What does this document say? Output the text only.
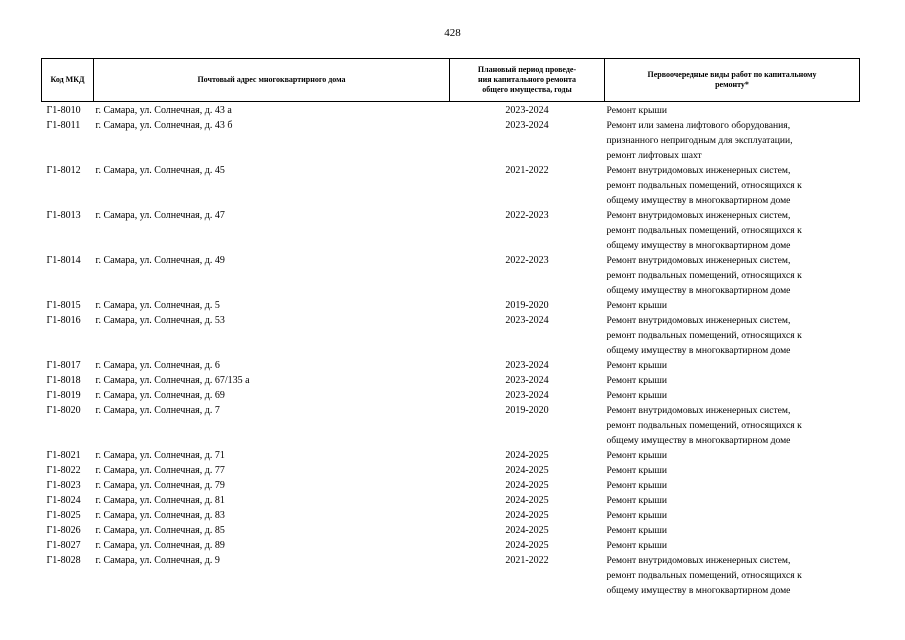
428
Код МКД	Почтовый адрес многоквартирного дома	Плановый период проведе-
ния капитального ремонта
общего имущества, годы	Первоочередные виды работ по капитальному
ремонту*

Г1-8010	г. Самара, ул. Солнечная, д. 43 а	2023-2024	Ремонт крыши

Г1-8011	г. Самара, ул. Солнечная, д. 43 б	2023-2024	Ремонт или замена лифтового оборудования,
признанного непригодным для эксплуатации,
ремонт лифтовых шахт

Г1-8012	г. Самара, ул. Солнечная, д. 45	2021-2022	Ремонт внутридомовых инженерных систем,
ремонт подвальных помещений, относящихся к
общему имуществу в многоквартирном доме

Г1-8013	г. Самара, ул. Солнечная, д. 47	2022-2023	Ремонт внутридомовых инженерных систем,
ремонт подвальных помещений, относящихся к
общему имуществу в многоквартирном доме

Г1-8014	г. Самара, ул. Солнечная, д. 49	2022-2023	Ремонт внутридомовых инженерных систем,
ремонт подвальных помещений, относящихся к
общему имуществу в многоквартирном доме

Г1-8015	г. Самара, ул. Солнечная, д. 5	2019-2020	Ремонт крыши

Г1-8016	г. Самара, ул. Солнечная, д. 53	2023-2024	Ремонт внутридомовых инженерных систем,
ремонт подвальных помещений, относящихся к
общему имуществу в многоквартирном доме

Г1-8017	г. Самара, ул. Солнечная, д. 6	2023-2024	Ремонт крыши

Г1-8018	г. Самара, ул. Солнечная, д. 67/135 а	2023-2024	Ремонт крыши

Г1-8019	г. Самара, ул. Солнечная, д. 69	2023-2024	Ремонт крыши

Г1-8020	г. Самара, ул. Солнечная, д. 7	2019-2020	Ремонт внутридомовых инженерных систем,
ремонт подвальных помещений, относящихся к
общему имуществу в многоквартирном доме

Г1-8021	г. Самара, ул. Солнечная, д. 71	2024-2025	Ремонт крыши

Г1-8022	г. Самара, ул. Солнечная, д. 77	2024-2025	Ремонт крыши

Г1-8023	г. Самара, ул. Солнечная, д. 79	2024-2025	Ремонт крыши

Г1-8024	г. Самара, ул. Солнечная, д. 81	2024-2025	Ремонт крыши

Г1-8025	г. Самара, ул. Солнечная, д. 83	2024-2025	Ремонт крыши

Г1-8026	г. Самара, ул. Солнечная, д. 85	2024-2025	Ремонт крыши

Г1-8027	г. Самара, ул. Солнечная, д. 89	2024-2025	Ремонт крыши

Г1-8028	г. Самара, ул. Солнечная, д. 9	2021-2022	Ремонт внутридомовых инженерных систем,
ремонт подвальных помещений, относящихся к
общему имуществу в многоквартирном доме
